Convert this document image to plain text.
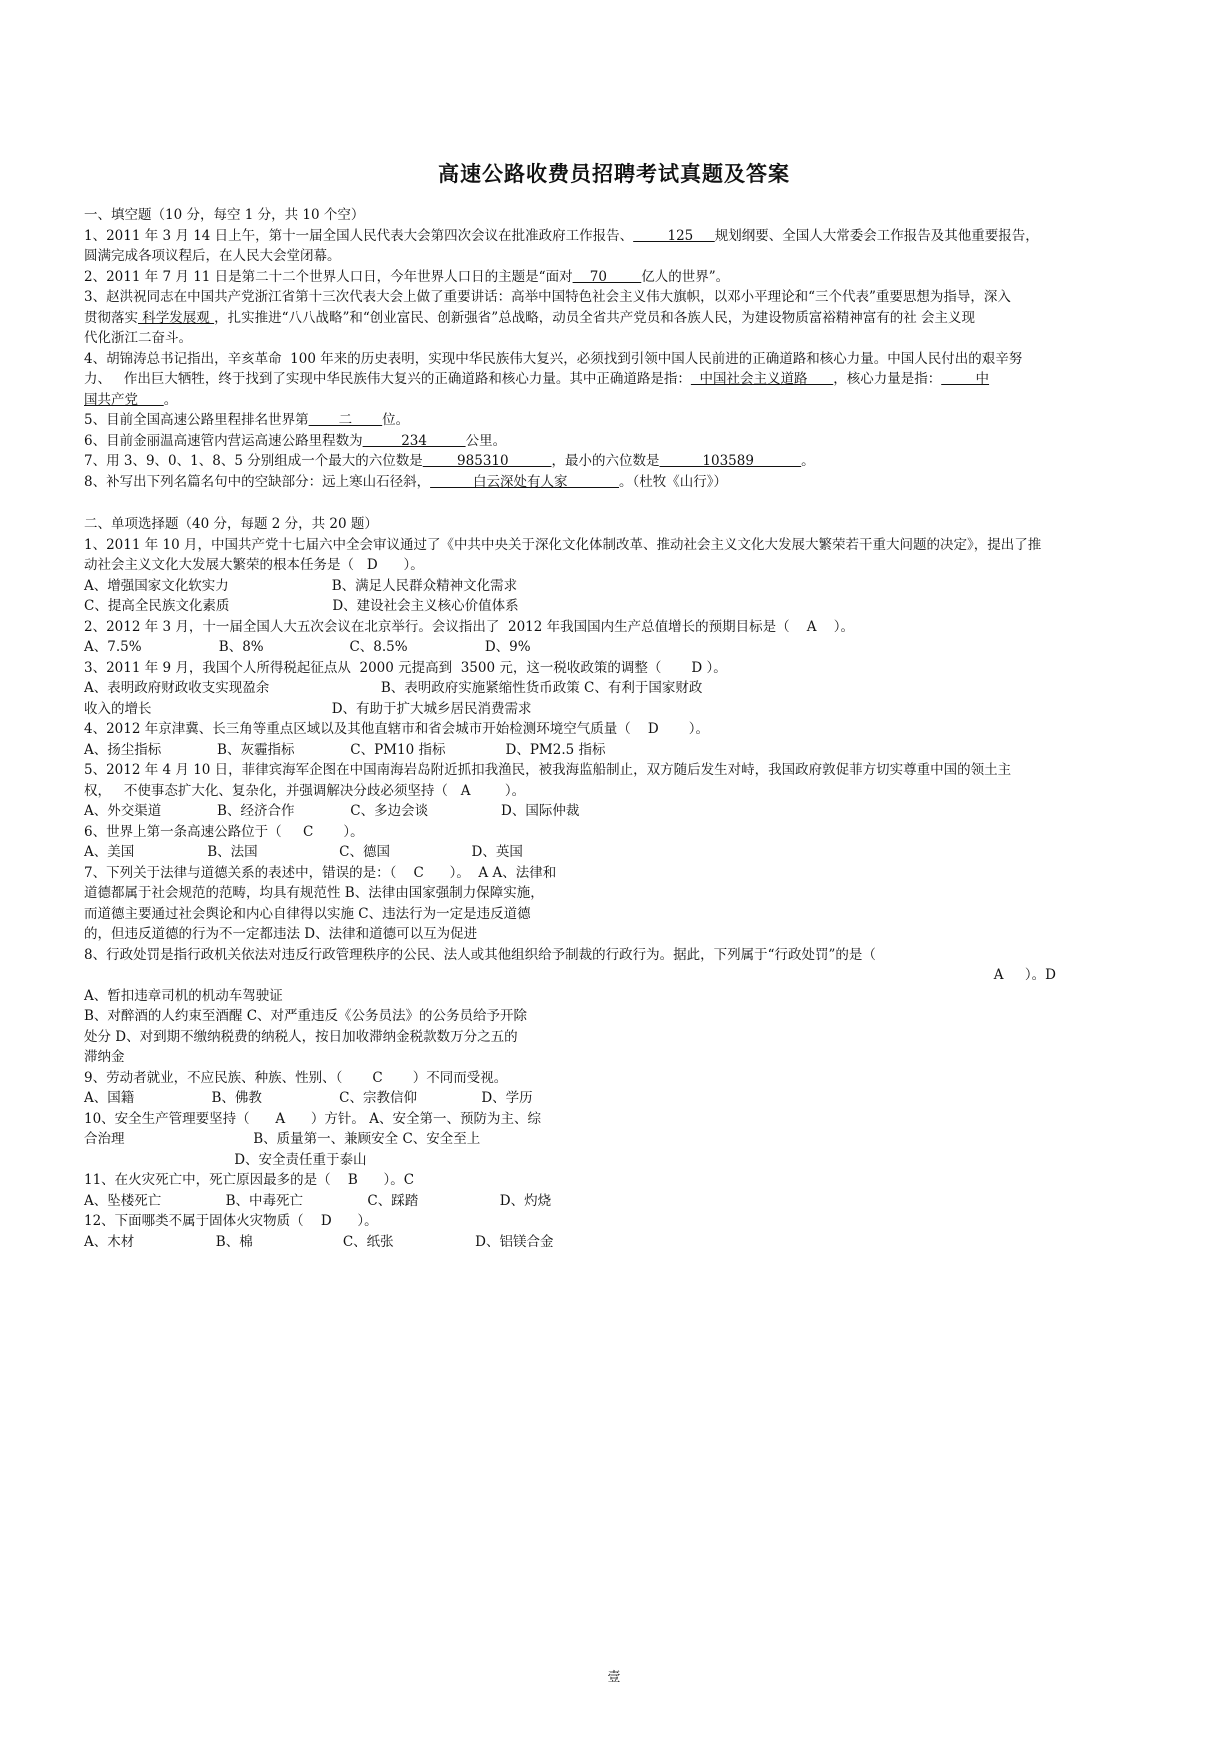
高速公路收费员招聘考试真题及答案

一、填空题（10 分，每空 1 分，共 10 个空）

1、2011 年 3 月 14 日上午，第十一届全国人民代表大会第四次会议在批准政府工作报告、        125     规划纲要、全国人大常委会工作报告及其他重要报告，

圆满完成各项议程后，在人民大会堂闭幕。

2、2011 年 7 月 11 日是第二十二个世界人口日，今年世界人口日的主题是“面对    70        亿人的世界”。

3、赵洪祝同志在中国共产党浙江省第十三次代表大会上做了重要讲话：高举中国特色社会主义伟大旗帜，以邓小平理论和“三个代表”重要思想为指导，深入

贯彻落实 科学发展观 ，扎实推进“八八战略”和“创业富民、创新强省”总战略，动员全省共产党员和各族人民，为建设物质富裕精神富有的社 会主义现

代化浙江二奋斗。

4、胡锦涛总书记指出，辛亥革命  100 年来的历史表明，实现中华民族伟大复兴，必须找到引领中国人民前进的正确道路和核心力量。中国人民付出的艰辛努

力、   作出巨大牺牲，终于找到了实现中华民族伟大复兴的正确道路和核心力量。其中正确道路是指：  中国社会主义道路      ，核心力量是指：        中

国共产党 。

5、目前全国高速公路里程排名世界第       二       位。

6、目前金丽温高速管内营运高速公路里程数为         234         公里。

7、用 3、9、0、1、8、5 分别组成一个最大的六位数是        985310          ，最小的六位数是          103589           。

8、补写出下列名篇名句中的空缺部分：远上寒山石径斜，          白云深处有人家            。（杜牧《山行》）

二、单项选择题（40 分，每题 2 分，共 20 题）

1、2011 年 10 月，中国共产党十七届六中全会审议通过了《中共中央关于深化文化体制改革、推动社会主义文化大发展大繁荣若干重大问题的决定》，提出了推

动社会主义文化大发展大繁荣的根本任务是（   D      ）。

A、增强国家文化软实力                        B、满足人民群众精神文化需求

C、提高全民族文化素质                        D、建设社会主义核心价值体系

2、2012 年 3 月，十一届全国人大五次会议在北京举行。会议指出了  2012 年我国国内生产总值增长的预期目标是（    A    ）。

A、7.5%                  B、8%                    C、8.5%                  D、9%

3、2011 年 9 月，我国个人所得税起征点从  2000 元提高到  3500 元，这一税收政策的调整（       D ）。

A、表明政府财政收支实现盈余                          B、表明政府实施紧缩性货币政策 C、有利于国家财政

收入的增长                                          D、有助于扩大城乡居民消费需求

4、2012 年京津冀、长三角等重点区域以及其他直辖市和省会城市开始检测环境空气质量（    D       ）。

A、扬尘指标             B、灰霾指标             C、PM10 指标              D、PM2.5 指标

5、2012 年 4 月 10 日，菲律宾海军企图在中国南海岩岛附近抓扣我渔民，被我海监船制止，双方随后发生对峙，我国政府敦促菲方切实尊重中国的领土主

权，   不使事态扩大化、复杂化，并强调解决分歧必须坚持（   A        ）。

A、外交渠道             B、经济合作             C、多边会谈                 D、国际仲裁

6、世界上第一条高速公路位于（     C       ）。

A、美国                 B、法国                   C、德国                   D、英国

7、下列关于法律与道德关系的表述中，错误的是：（    C      ）。  A A、法律和

道德都属于社会规范的范畴，均具有规范性 B、法律由国家强制力保障实施，

而道德主要通过社会舆论和内心自律得以实施 C、违法行为一定是违反道德

的，但违反道德的行为不一定都违法 D、法律和道德可以互为促进

8、行政处罚是指行政机关依法对违反行政管理秩序的公民、法人或其他组织给予制裁的行政行为。据此，下列属于“行政处罚”的是（

A     ）。D

A、暂扣违章司机的机动车驾驶证

B、对醉酒的人约束至酒醒 C、对严重违反《公务员法》的公务员给予开除

处分 D、对到期不缴纳税费的纳税人，按日加收滞纳金税款数万分之五的

滞纳金

9、劳动者就业，不应民族、种族、性别、（       C       ）不同而受视。

A、国籍                  B、佛教                  C、宗教信仰               D、学历

10、安全生产管理要坚持（      A      ）方针。 A、安全第一、预防为主、综

合治理                              B、质量第一、兼顾安全 C、安全至上

D、安全责任重于泰山

11、在火灾死亡中，死亡原因最多的是（    B      ）。C

A、坠楼死亡               B、中毒死亡               C、踩踏                   D、灼烧

12、下面哪类不属于固体火灾物质（    D      ）。

A、木材                   B、棉                     C、纸张                   D、铝镁合金

壹
